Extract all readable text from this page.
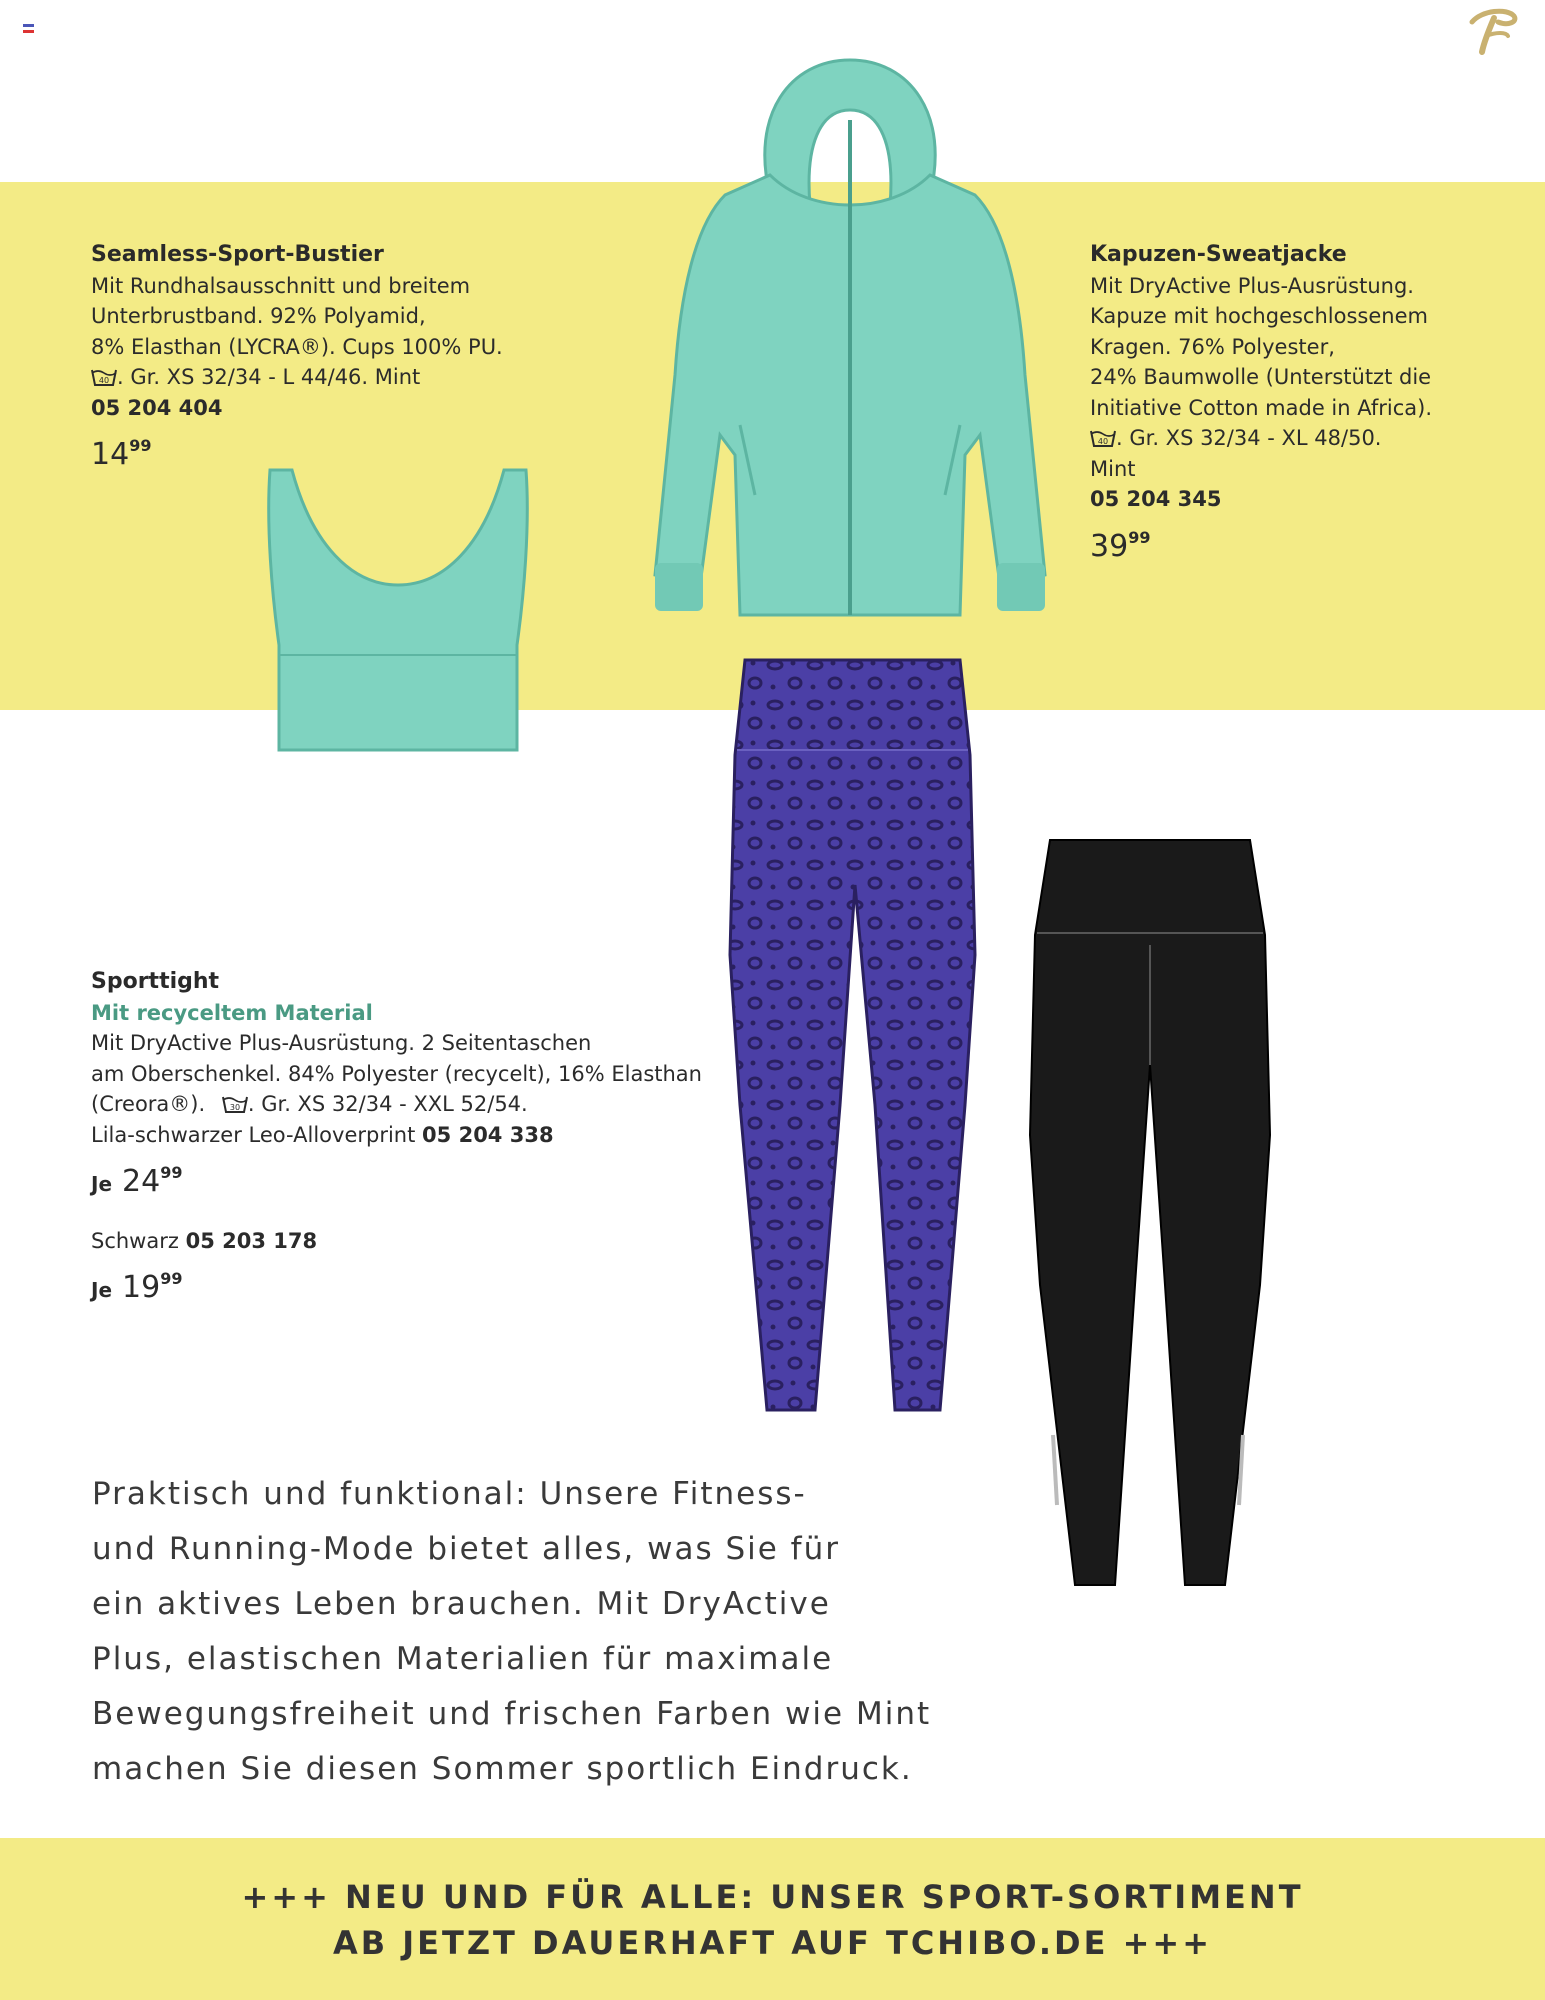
Seamless-Sport-Bustier
Mit Rundhalsausschnitt und breitem
Unterbrustband. 92% Polyamid,
8% Elasthan (LYCRA®). Cups 100% PU.
40 . Gr. XS 32/34 - L 44/46. Mint
05 204 404
$14^{99}$
Kapuzen-Sweatjacke
Mit DryActive Plus-Ausrüstung.
Kapuze mit hochgeschlossenem
Kragen. 76% Polyester,
24% Baumwolle (Unterstützt die
Initiative Cotton made in Africa).
40 . Gr. XS 32/34 - XL 48/50.
Mint
05 204 345
$39^{99}$
Sporttight
Mit recyceltem Material
Mit DryActive Plus-Ausrüstung. 2 Seitentaschen
am Oberschenkel. 84% Polyester (recycelt), 16% Elasthan
(Creora®).	30 . Gr. XS 32/34 - XXL 52/54.
Lila-schwarzer Leo-Alloverprint 05 204 338
Je $24^{99}$
Schwarz 05 203 178
Je $19^{99}$
Praktisch und funktional: Unsere Fitness-
und Running-Mode bietet alles, was Sie für
ein aktives Leben brauchen. Mit DryActive
Plus, elastischen Materialien für maximale
Bewegungsfreiheit und frischen Farben wie Mint
machen Sie diesen Sommer sportlich Eindruck.
+++ NEU UND FÜR ALLE: UNSER SPORT-SORTIMENT
AB JETZT DAUERHAFT AUF TCHIBO.DE +++
